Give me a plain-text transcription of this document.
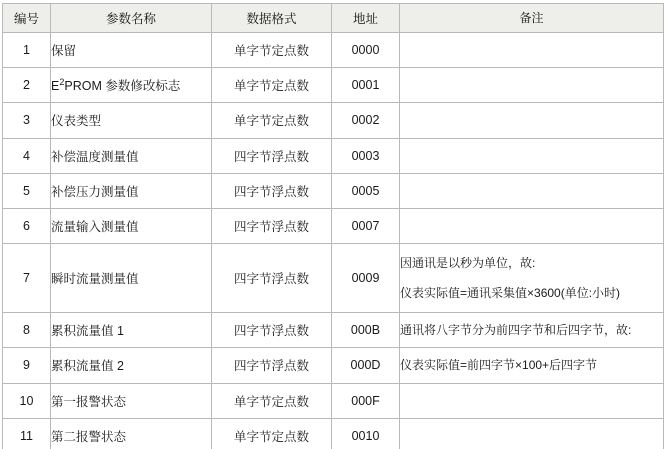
编号	参数名称	数据格式	地址	备注
1	保留	单字节定点数	0000	
2	$E^2PROM$ 参数修改标志	单字节定点数	0001	
3	仪表类型	单字节定点数	0002	
4	补偿温度测量值	四字节浮点数	0003	
5	补偿压力测量值	四字节浮点数	0005	
6	流量输入测量值	四字节浮点数	0007	
7	瞬时流量测量值	四字节浮点数	0009	因通讯是以秒为单位，故:
仪表实际值=通讯采集值×3600(单位:小时)

8	累积流量值 1	四字节浮点数	000B	通讯将八字节分为前四字节和后四字节，故:
9	累积流量值 2	四字节浮点数	000D	仪表实际值=前四字节×100+后四字节
10	第一报警状态	单字节定点数	000F	
11	第二报警状态	单字节定点数	0010	
